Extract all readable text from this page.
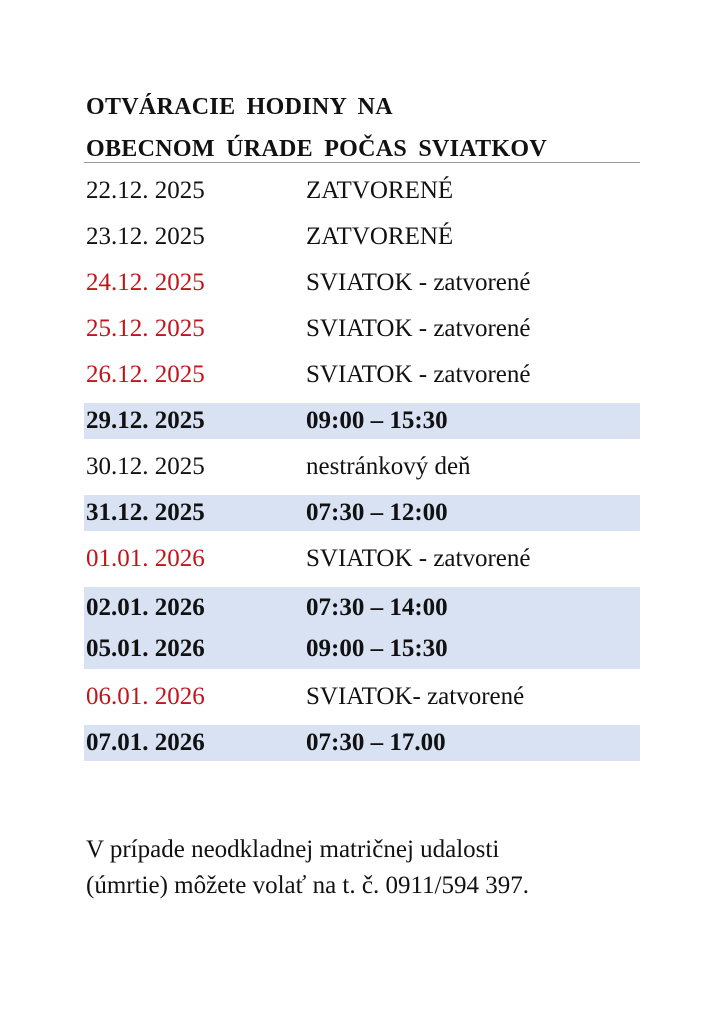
OTVÁRACIE HODINY NA
OBECNOM ÚRADE POČAS SVIATKOV
22.12. 2025	ZATVORENÉ
23.12. 2025	ZATVORENÉ
24.12. 2025	SVIATOK - zatvorené
25.12. 2025	SVIATOK - zatvorené
26.12. 2025	SVIATOK - zatvorené
29.12. 2025	09:00 – 15:30
30.12. 2025	nestránkový deň
31.12. 2025	07:30 – 12:00
01.01. 2026	SVIATOK - zatvorené
02.01. 2026	07:30 – 14:00
05.01. 2026	09:00 – 15:30
06.01. 2026	SVIATOK- zatvorené
07.01. 2026	07:30 – 17.00
V prípade neodkladnej matričnej udalosti
(úmrtie) môžete volať na t. č. 0911/594 397.
